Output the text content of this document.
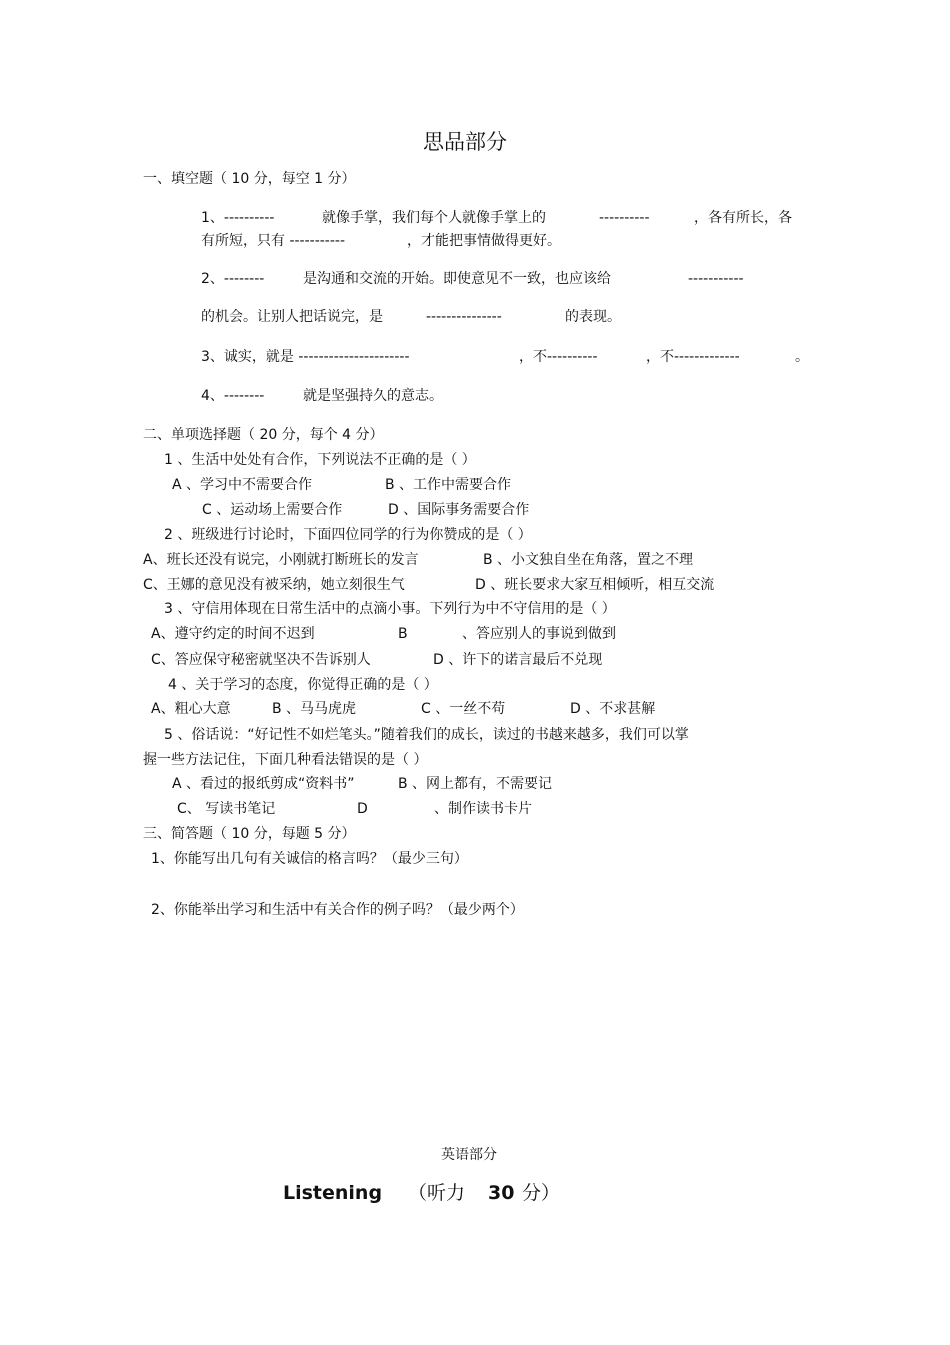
思品部分
一、填空题（ 10 分，每空 1 分）
1、----------	就像手掌，我们每个人就像手掌上的	----------	，各有所长，各
有所短，只有 -----------	，才能把事情做得更好。
2、--------	是沟通和交流的开始。即使意见不一致，也应该给	-----------
的机会。让别人把话说完，是	---------------	的表现。
3、诚实，就是 ----------------------	，不----------	，不-------------	。
4、--------	就是坚强持久的意志。
二、单项选择题（ 20 分，每个 4 分）
1 、生活中处处有合作，下列说法不正确的是（ ）
A 、学习中不需要合作	B 、工作中需要合作
C 、运动场上需要合作	D 、国际事务需要合作
2 、班级进行讨论时，下面四位同学的行为你赞成的是（ ）
A、班长还没有说完，小刚就打断班长的发言	B 、小文独自坐在角落，置之不理
C、王娜的意见没有被采纳，她立刻很生气	D 、班长要求大家互相倾听，相互交流
3 、守信用体现在日常生活中的点滴小事。下列行为中不守信用的是（ ）
A、遵守约定的时间不迟到	B	、答应别人的事说到做到
C、答应保守秘密就坚决不告诉别人	D 、许下的诺言最后不兑现
4 、关于学习的态度，你觉得正确的是（ ）
A、粗心大意	B 、马马虎虎	C 、一丝不苟	D 、不求甚解
5 、俗话说：“好记性不如烂笔头。”随着我们的成长，读过的书越来越多，我们可以掌
握一些方法记住，下面几种看法错误的是（ ）
A 、看过的报纸剪成“资料书”	B 、网上都有，不需要记
C、 写读书笔记	D	、制作读书卡片
三、简答题（ 10 分，每题 5 分）
1、你能写出几句有关诚信的格言吗？（最少三句）
2、你能举出学习和生活中有关合作的例子吗？（最少两个）
英语部分
Listening （听力 30 分）
